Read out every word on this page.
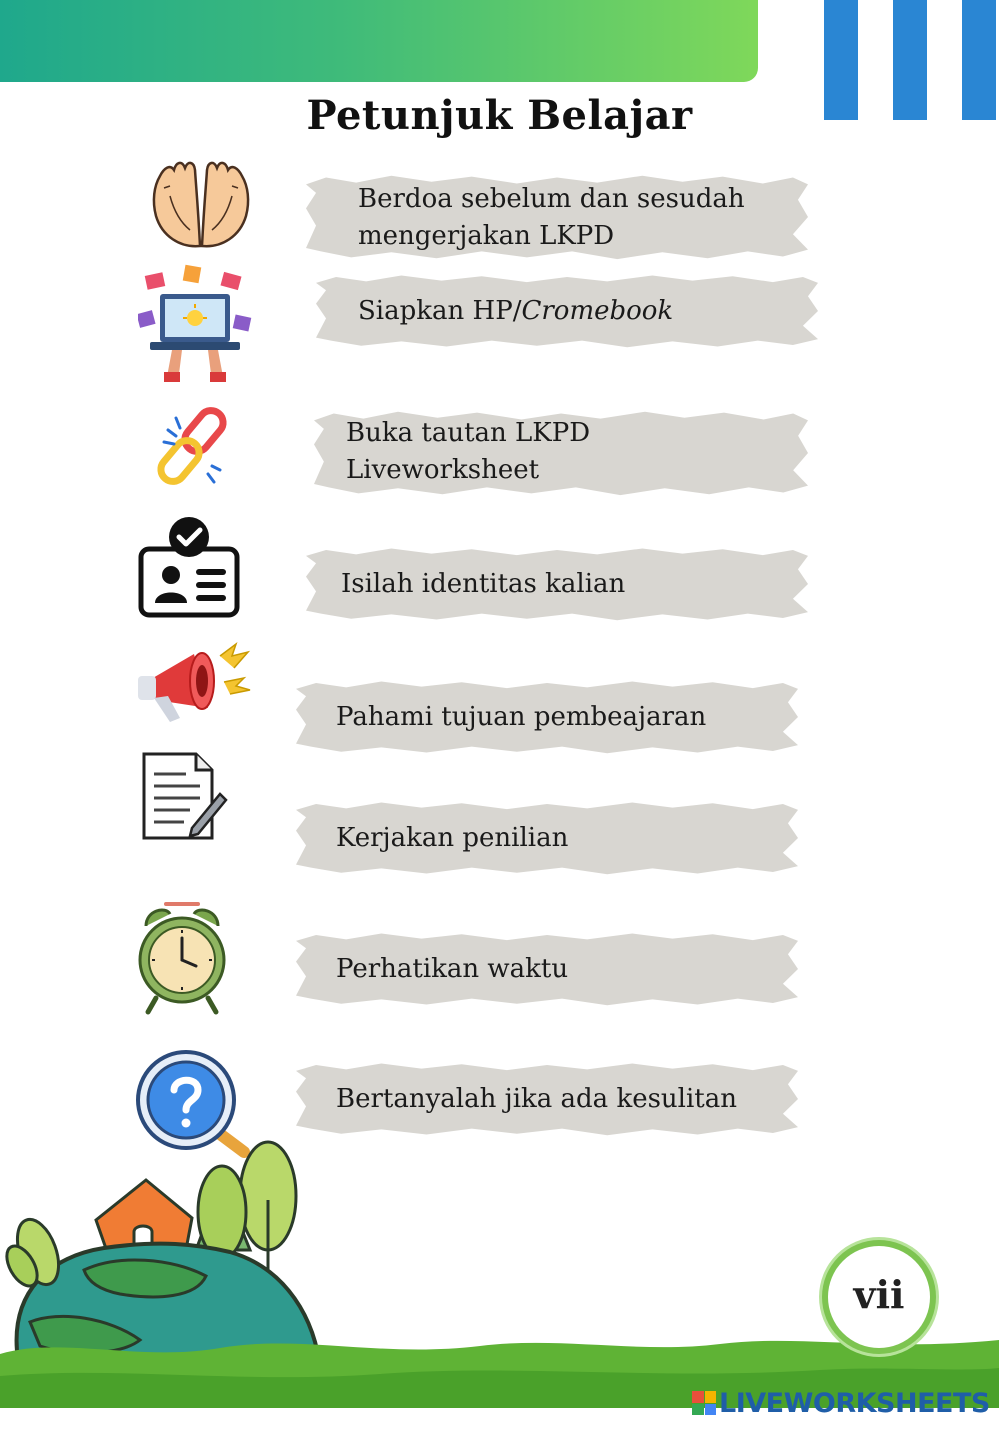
Petunjuk Belajar
Berdoa sebelum dan sesudah
mengerjakan LKPD
Siapkan HP/Cromebook
Buka tautan LKPD
Liveworksheet
Isilah identitas kalian
Pahami tujuan pembeajaran
Kerjakan penilian
Perhatikan waktu
Bertanyalah jika ada kesulitan
vii
LIVEWORKSHEETS
